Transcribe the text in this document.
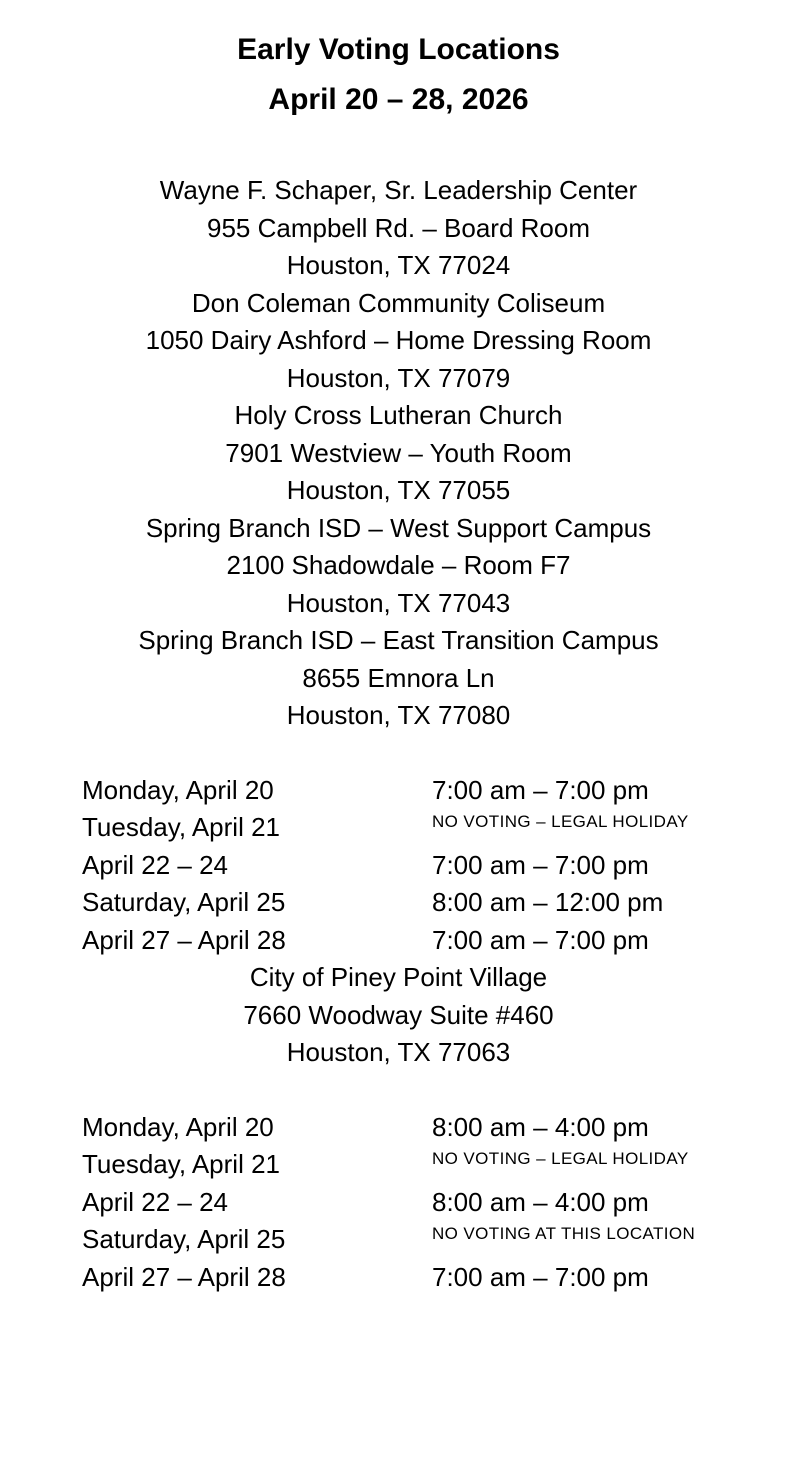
Early Voting Locations
April 20 – 28, 2026
Wayne F. Schaper, Sr. Leadership Center
955 Campbell Rd. – Board Room
Houston, TX 77024
Don Coleman Community Coliseum
1050 Dairy Ashford – Home Dressing Room
Houston, TX 77079
Holy Cross Lutheran Church
7901 Westview – Youth Room
Houston, TX 77055
Spring Branch ISD – West Support Campus
2100 Shadowdale – Room F7
Houston, TX 77043
Spring Branch ISD – East Transition Campus
8655 Emnora Ln
Houston, TX 77080
Monday, April 20	7:00 am – 7:00 pm
Tuesday, April 21	NO VOTING – LEGAL HOLIDAY
April 22 – 24	7:00 am – 7:00 pm
Saturday, April 25	8:00 am – 12:00 pm
April 27 – April 28	7:00 am – 7:00 pm
City of Piney Point Village
7660 Woodway Suite #460
Houston, TX 77063
Monday, April 20	8:00 am – 4:00 pm
Tuesday, April 21	NO VOTING – LEGAL HOLIDAY
April 22 – 24	8:00 am – 4:00 pm
Saturday, April 25	NO VOTING AT THIS LOCATION
April 27 – April 28	7:00 am – 7:00 pm
